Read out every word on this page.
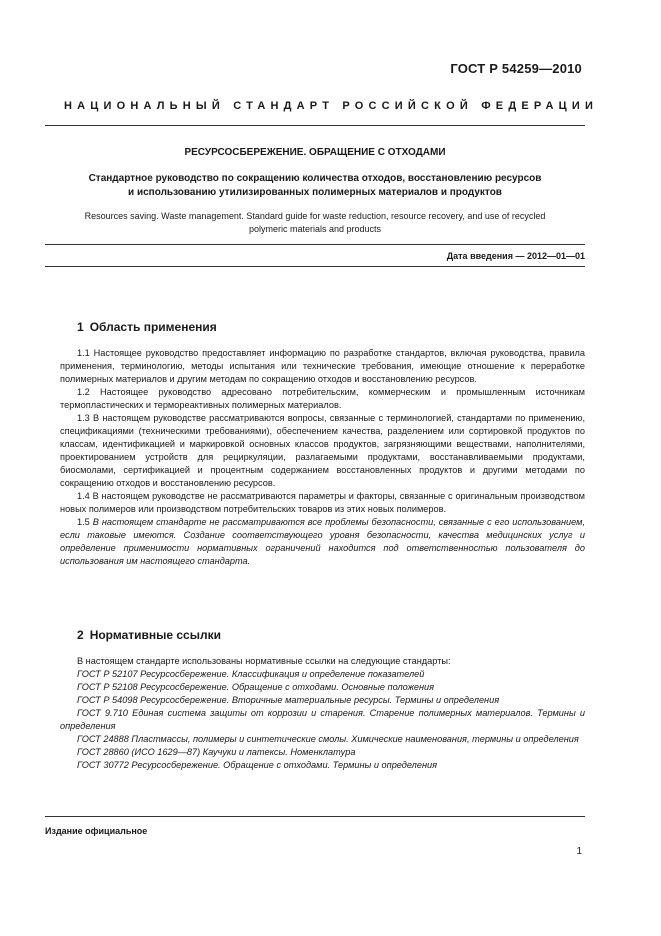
ГОСТ Р 54259—2010
НАЦИОНАЛЬНЫЙ СТАНДАРТ РОССИЙСКОЙ ФЕДЕРАЦИИ
РЕСУРСОСБЕРЕЖЕНИЕ. ОБРАЩЕНИЕ С ОТХОДАМИ
Стандартное руководство по сокращению количества отходов, восстановлению ресурсов
и использованию утилизированных полимерных материалов и продуктов
Resources saving. Waste management. Standard guide for waste reduction, resource recovery, and use of recycled
polymeric materials and products
Дата введения — 2012—01—01
1 Область применения

1.1 Настоящее руководство предоставляет информацию по разработке стандартов, включая руководства, правила применения, терминологию, методы испытания или технические требования, имеющие отношение к переработке полимерных материалов и другим методам по сокращению отходов и восстановлению ресурсов.

1.2 Настоящее руководство адресовано потребительским, коммерческим и промышленным источникам термопластических и термореактивных полимерных материалов.

1.3 В настоящем руководстве рассматриваются вопросы, связанные с терминологией, стандартами по применению, спецификациями (техническими требованиями), обеспечением качества, разделением или сортировкой продуктов по классам, идентификацией и маркировкой основных классов продуктов, загрязняющими веществами, наполнителями, проектированием устройств для рециркуляции, разлагаемыми продуктами, восстанавливаемыми продуктами, биосмолами, сертификацией и процентным содержанием восстановленных продуктов и другими методами по сокращению отходов и восстановлению ресурсов.

1.4 В настоящем руководстве не рассматриваются параметры и факторы, связанные с оригинальным производством новых полимеров или производством потребительских товаров из этих новых полимеров.

1.5 В настоящем стандарте не рассматриваются все проблемы безопасности, связанные с его использованием, если таковые имеются. Создание соответствующего уровня безопасности, качества медицинских услуг и определение применимости нормативных ограничений находится под ответственностью пользователя до использования им настоящего стандарта.

2 Нормативные ссылки

В настоящем стандарте использованы нормативные ссылки на следующие стандарты:

ГОСТ Р 52107 Ресурсосбережение. Классификация и определение показателей

ГОСТ Р 52108 Ресурсосбережение. Обращение с отходами. Основные положения

ГОСТ Р 54098 Ресурсосбережение. Вторичные материальные ресурсы. Термины и определения

ГОСТ 9.710 Единая система защиты от коррозии и старения. Старение полимерных материалов. Термины и определения

ГОСТ 24888 Пластмассы, полимеры и синтетические смолы. Химические наименования, термины и определения

ГОСТ 28860 (ИСО 1629—87) Каучуки и латексы. Номенклатура

ГОСТ 30772 Ресурсосбережение. Обращение с отходами. Термины и определения

Издание официальное
1
